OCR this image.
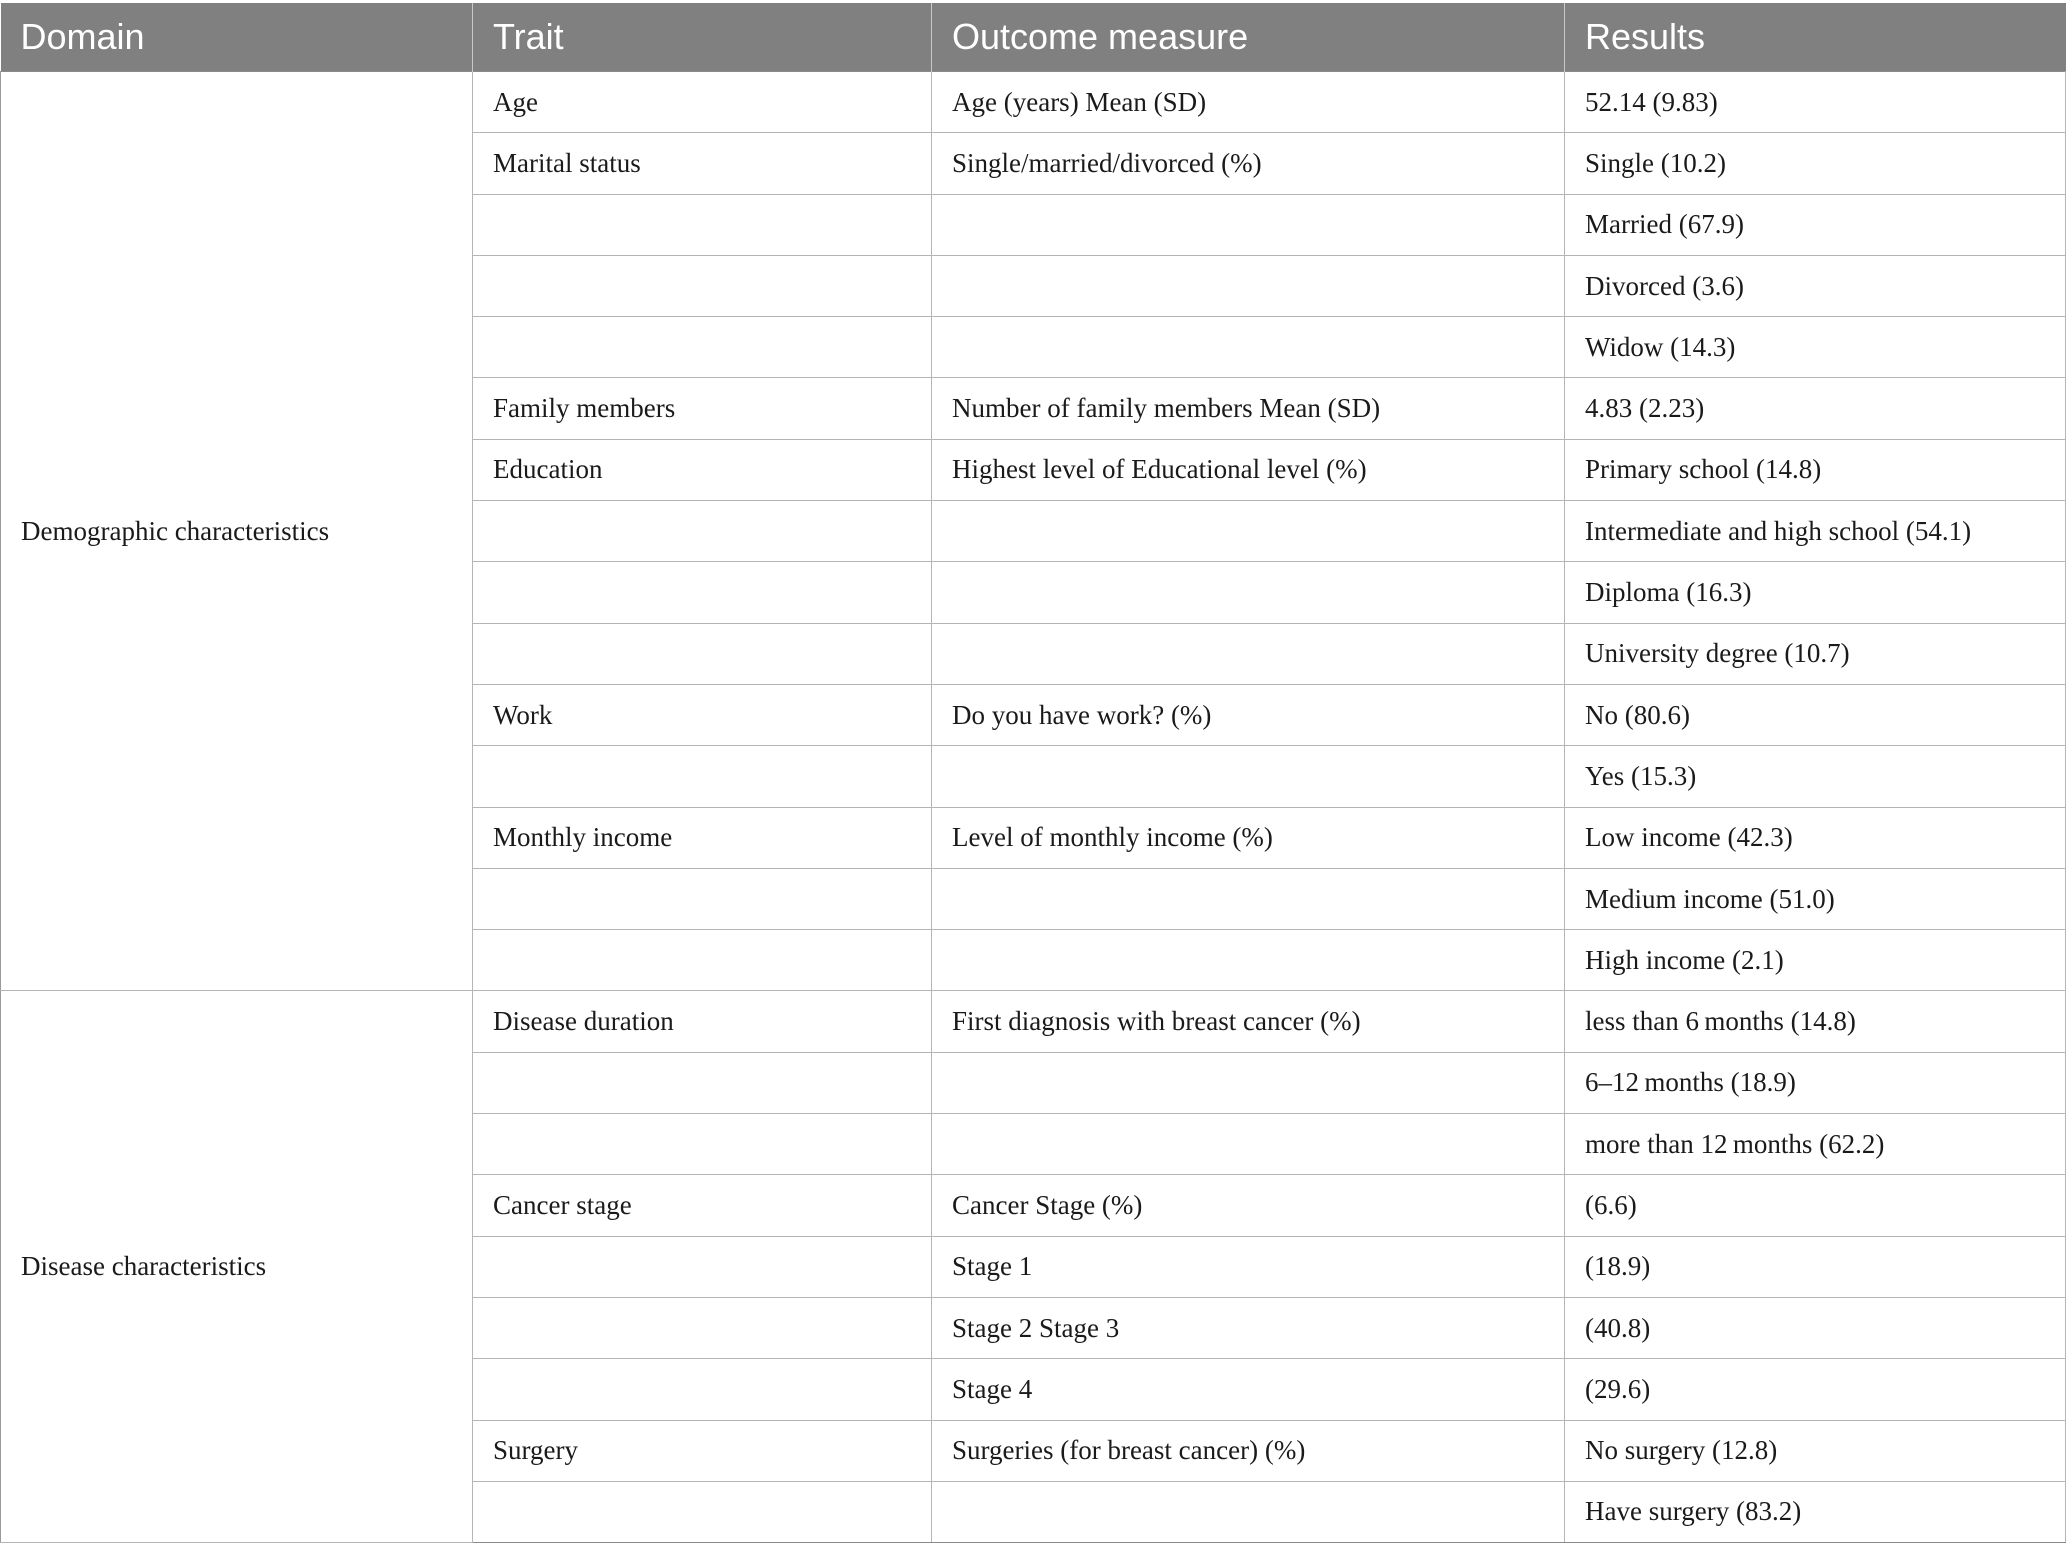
Domain	Trait	Outcome measure	Results
Demographic characteristics	Age	Age (years) Mean (SD)	52.14 (9.83)
	Marital status	Single/married/divorced (%)	Single (10.2)
			Married (67.9)
			Divorced (3.6)
			Widow (14.3)
	Family members	Number of family members Mean (SD)	4.83 (2.23)
	Education	Highest level of Educational level (%)	Primary school (14.8)
			Intermediate and high school (54.1)
			Diploma (16.3)
			University degree (10.7)
	Work	Do you have work? (%)	No (80.6)
			Yes (15.3)
	Monthly income	Level of monthly income (%)	Low income (42.3)
			Medium income (51.0)
			High income (2.1)
Disease characteristics	Disease duration	First diagnosis with breast cancer (%)	less than 6 months (14.8)
			6–12 months (18.9)
			more than 12 months (62.2)
	Cancer stage	Cancer Stage (%)	(6.6)
		Stage 1	(18.9)
		Stage 2 Stage 3	(40.8)
		Stage 4	(29.6)
	Surgery	Surgeries (for breast cancer) (%)	No surgery (12.8)
			Have surgery (83.2)
